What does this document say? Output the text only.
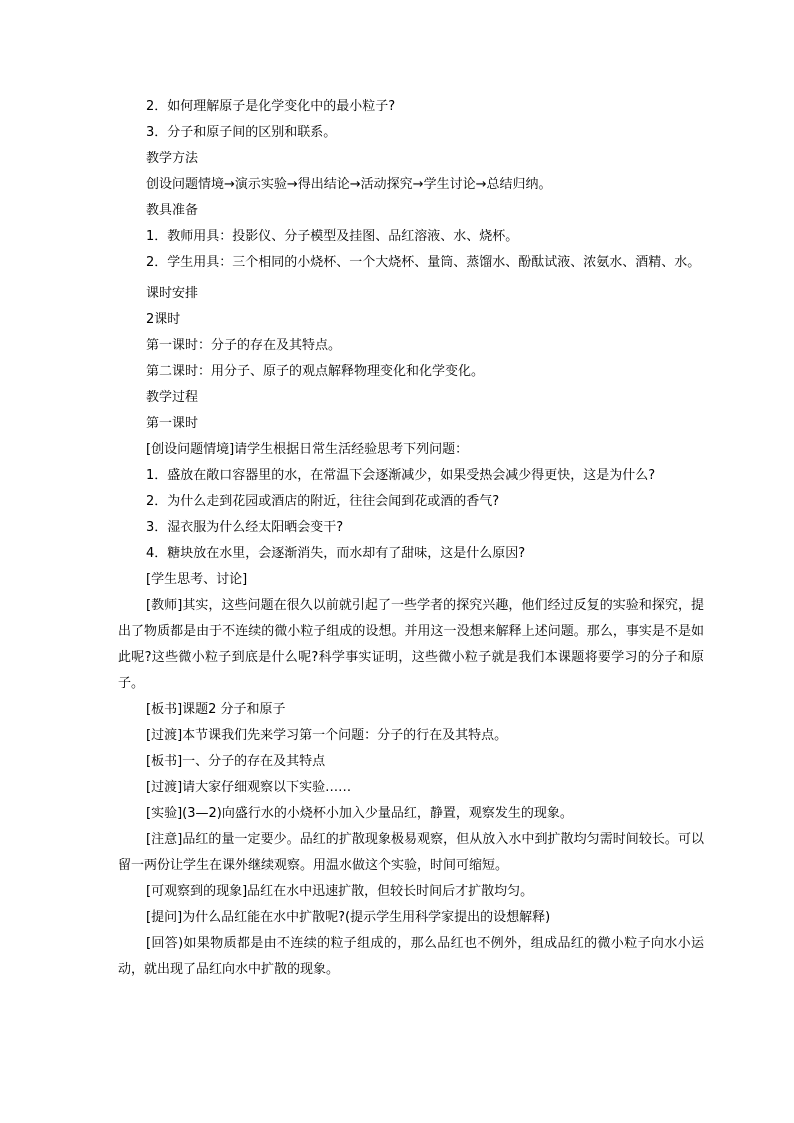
2．如何理解原子是化学变化中的最小粒子?

3．分子和原子间的区别和联系。

教学方法

创设问题情境→演示实验→得出结论→活动探究→学生讨论→总结归纳。

教具准备

1．教师用具：投影仪、分子模型及挂图、品红溶液、水、烧杯。

2．学生用具：三个相同的小烧杯、一个大烧杯、量筒、蒸馏水、酚酞试液、浓氨水、酒精、水。

课时安排

2课时

第一课时：分子的存在及其特点。

第二课时：用分子、原子的观点解释物理变化和化学变化。

教学过程

第一课时

[创设问题情境]请学生根据日常生活经验思考下列问题：

1．盛放在敞口容器里的水，在常温下会逐渐减少，如果受热会减少得更快，这是为什么?

2．为什么走到花园或酒店的附近，往往会闻到花或酒的香气?

3．湿衣服为什么经太阳晒会变干?

4．糖块放在水里，会逐渐消失，而水却有了甜味，这是什么原因?

[学生思考、讨论]

[教师]其实，这些问题在很久以前就引起了一些学者的探究兴趣，他们经过反复的实验和探究，提出了物质都是由于不连续的微小粒子组成的设想。并用这一没想来解释上述问题。那么，事实是不是如此呢?这些微小粒子到底是什么呢?科学事实证明，这些微小粒子就是我们本课题将要学习的分子和原子。

[板书]课题2 分子和原子

[过渡]本节课我们先来学习第一个问题：分子的行在及其特点。

[板书]一、分子的存在及其特点

[过渡]请大家仔细观察以下实验……

[实验](3—2)向盛行水的小烧杯小加入少量品红，静置，观察发生的现象。

[注意]品红的量一定要少。品红的扩散现象极易观察，但从放入水中到扩散均匀需时间较长。可以留一两份让学生在课外继续观察。用温水做这个实验，时间可缩短。

[可观察到的现象]品红在水中迅速扩散，但较长时间后才扩散均匀。

[提问]为什么品红能在水中扩散呢?(提示学生用科学家提出的设想解释)

[回答)如果物质都是由不连续的粒子组成的，那么品红也不例外，组成品红的微小粒子向水小运动，就出现了品红向水中扩散的现象。
